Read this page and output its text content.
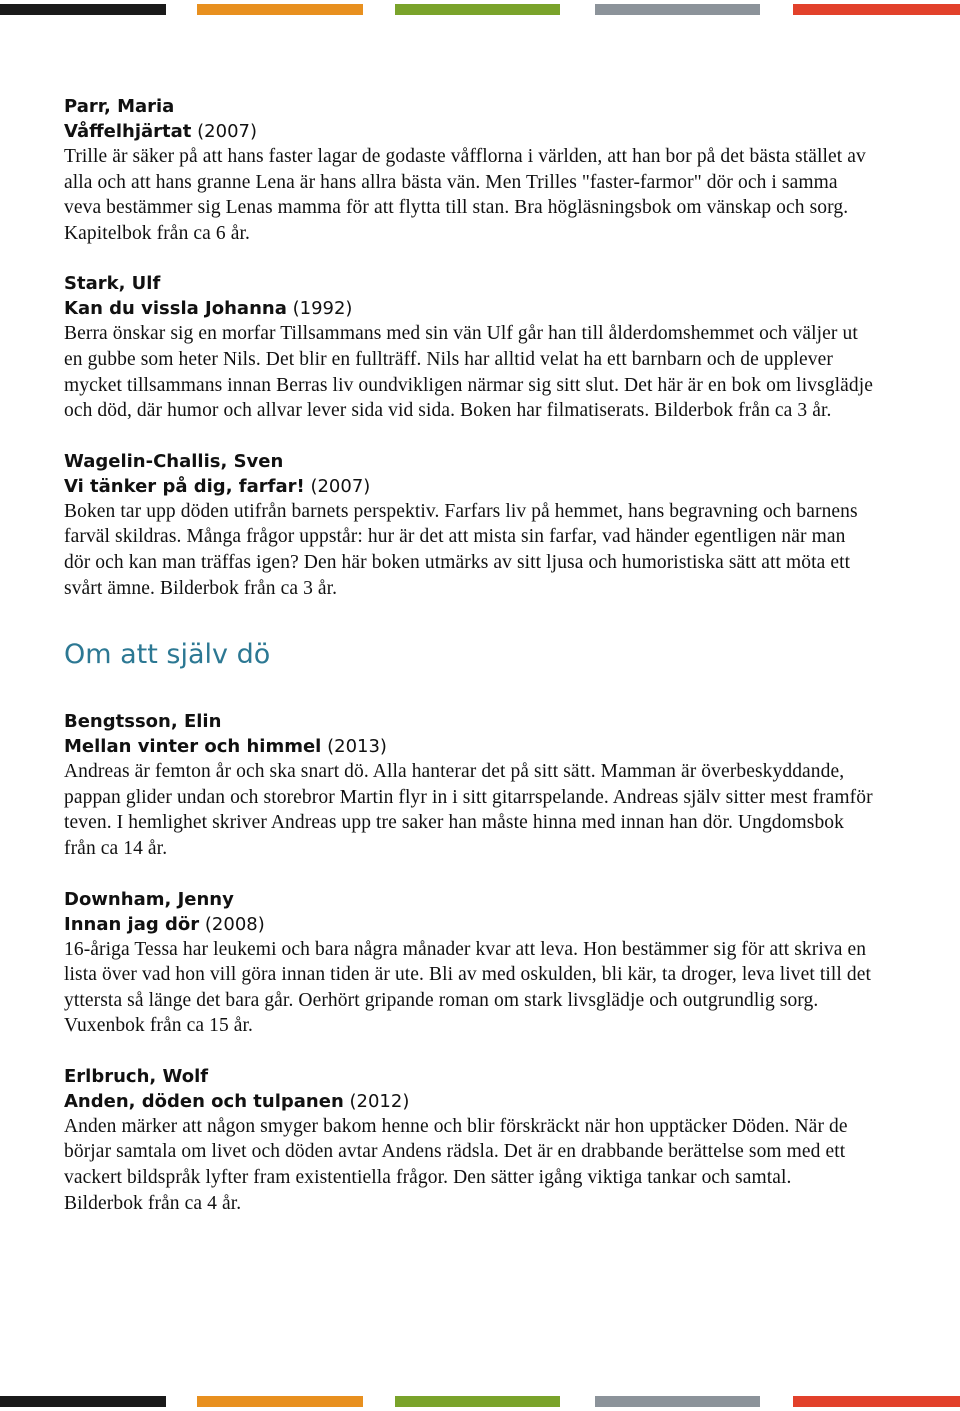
Parr, Maria
Våffelhjärtat (2007)
Trille är säker på att hans faster lagar de godaste våfflorna i världen, att han bor på det bästa stället av alla och att hans granne Lena är hans allra bästa vän. Men Trilles "faster-farmor" dör och i samma veva bestämmer sig Lenas mamma för att flytta till stan. Bra högläsningsbok om vänskap och sorg. Kapitelbok från ca 6 år.
Stark, Ulf
Kan du vissla Johanna (1992)
Berra önskar sig en morfar Tillsammans med sin vän Ulf går han till ålderdomshemmet och väljer ut en gubbe som heter Nils. Det blir en fullträff. Nils har alltid velat ha ett barnbarn och de upplever mycket tillsammans innan Berras liv oundvikligen närmar sig sitt slut. Det här är en bok om livsglädje och död, där humor och allvar lever sida vid sida. Boken har filmatiserats. Bilderbok från ca 3 år.
Wagelin-Challis, Sven
Vi tänker på dig, farfar! (2007)
Boken tar upp döden utifrån barnets perspektiv. Farfars liv på hemmet, hans begravning och barnens farväl skildras. Många frågor uppstår: hur är det att mista sin farfar, vad händer egentligen när man dör och kan man träffas igen? Den här boken utmärks av sitt ljusa och humoristiska sätt att möta ett svårt ämne. Bilderbok från ca 3 år.
Om att själv dö
Bengtsson, Elin
Mellan vinter och himmel (2013)
Andreas är femton år och ska snart dö. Alla hanterar det på sitt sätt. Mamman är överbeskyddande, pappan glider undan och storebror Martin flyr in i sitt gitarrspelande. Andreas själv sitter mest framför teven. I hemlighet skriver Andreas upp tre saker han måste hinna med innan han dör. Ungdomsbok från ca 14 år.
Downham, Jenny
Innan jag dör (2008)
16-åriga Tessa har leukemi och bara några månader kvar att leva. Hon bestämmer sig för att skriva en lista över vad hon vill göra innan tiden är ute. Bli av med oskulden, bli kär, ta droger, leva livet till det yttersta så länge det bara går. Oerhört gripande roman om stark livsglädje och outgrundlig sorg. Vuxenbok från ca 15 år.
Erlbruch, Wolf
Anden, döden och tulpanen (2012)
Anden märker att någon smyger bakom henne och blir förskräckt när hon upptäcker Döden. När de börjar samtala om livet och döden avtar Andens rädsla. Det är en drabbande berättelse som med ett vackert bildspråk lyfter fram existentiella frågor. Den sätter igång viktiga tankar och samtal. Bilderbok från ca 4 år.
